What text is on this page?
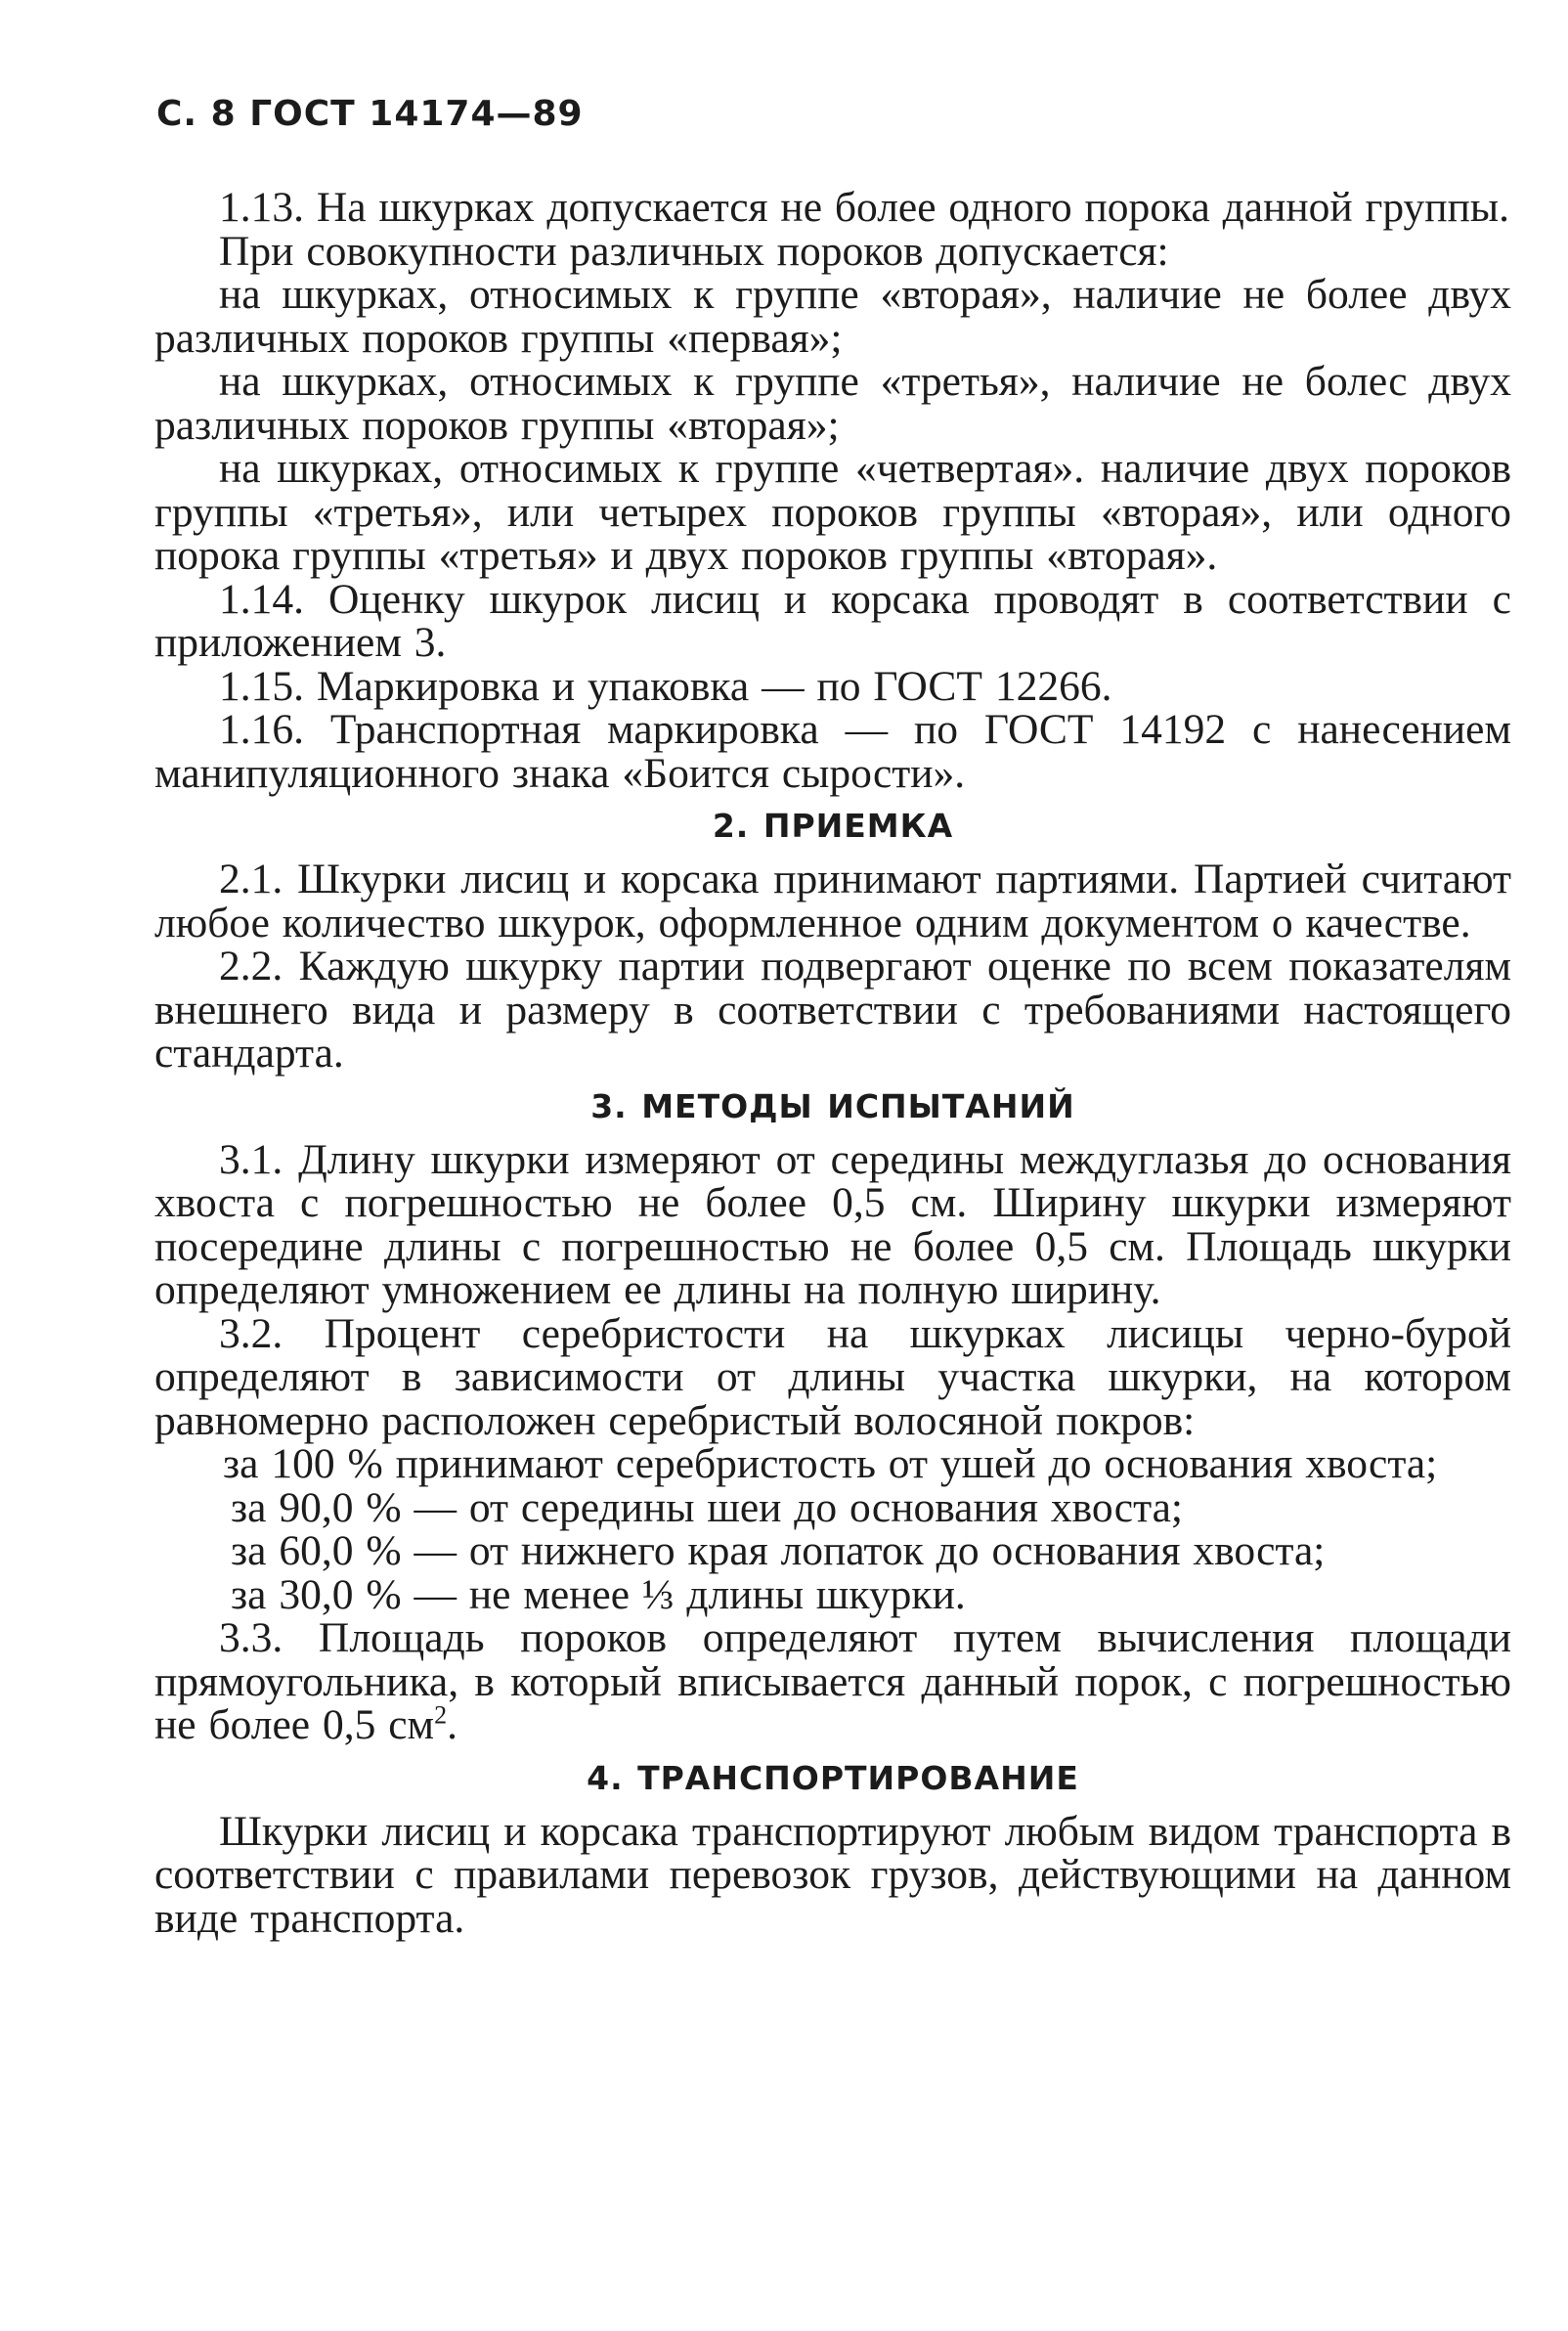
С. 8 ГОСТ 14174—89

1.13. На шкурках допускается не более одного порока данной группы.

При совокупности различных пороков допускается:

на шкурках, относимых к группе «вторая», наличие не более двух различных пороков группы «первая»;

на шкурках, относимых к группе «третья», наличие не болес двух различных пороков группы «вторая»;

на шкурках, относимых к группе «четвертая». наличие двух пороков группы «третья», или четырех пороков группы «вторая», или одного порока группы «третья» и двух пороков группы «вторая».

1.14. Оценку шкурок лисиц и корсака проводят в соответствии с приложением 3.

1.15. Маркировка и упаковка — по ГОСТ 12266.

1.16. Транспортная маркировка — по ГОСТ 14192 с нанесением манипуляционного знака «Боится сырости».

2. ПРИЕМКА

2.1. Шкурки лисиц и корсака принимают партиями. Партией считают любое количество шкурок, оформленное одним документом о качестве.

2.2. Каждую шкурку партии подвергают оценке по всем показателям внешнего вида и размеру в соответствии с требованиями настоящего стандарта.

3. МЕТОДЫ ИСПЫТАНИЙ

3.1. Длину шкурки измеряют от середины междуглазья до основания хвоста с погрешностью не более 0,5 см. Ширину шкурки измеряют посередине длины с погрешностью не более 0,5 см. Площадь шкурки определяют умножением ее длины на полную ширину.

3.2. Процент серебристости на шкурках лисицы черно-бурой определяют в зависимости от длины участка шкурки, на котором равномерно расположен серебристый волосяной покров:

за 100 % принимают серебристость от ушей до основания хвоста;

за 90,0 % — от середины шеи до основания хвоста;

за 60,0 % — от нижнего края лопаток до основания хвоста;

за 30,0 % — не менее ⅓ длины шкурки.

3.3. Площадь пороков определяют путем вычисления площади прямоугольника, в который вписывается данный порок, с погрешностью не более 0,5 $см^2$.

4. ТРАНСПОРТИРОВАНИЕ

Шкурки лисиц и корсака транспортируют любым видом транспорта в соответствии с правилами перевозок грузов, действующими на данном виде транспорта.
